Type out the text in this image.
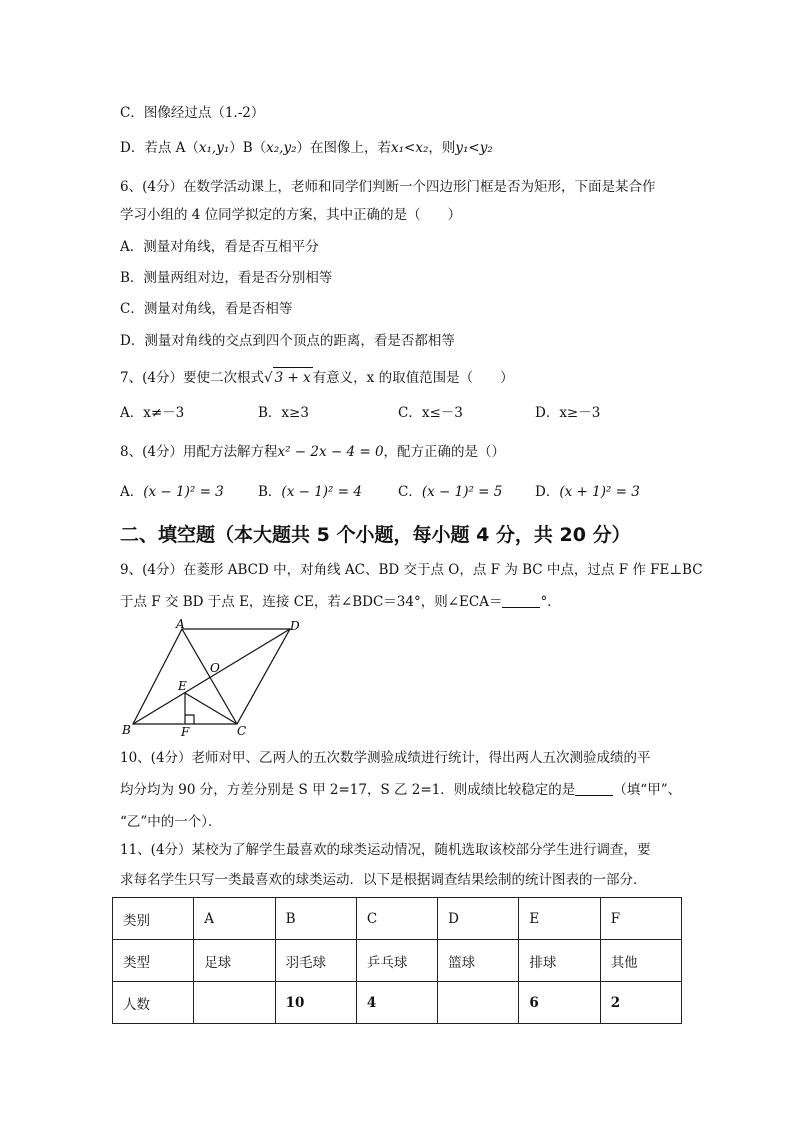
C．图像经过点（1.-2）
D．若点 A（x₁,y₁）B（x₂,y₂）在图像上，若x₁<x₂，则y₁<y₂
6、(4分）在数学活动课上，老师和同学们判断一个四边形门框是否为矩形，下面是某合作
学习小组的 4 位同学拟定的方案，其中正确的是（　　）
A．测量对角线，看是否互相平分
B．测量两组对边，看是否分别相等
C．测量对角线，看是否相等
D．测量对角线的交点到四个顶点的距离，看是否都相等
7、(4分）要使二次根式√ 3 + x 有意义，x 的取值范围是（　　）
A．x≠－3	B．x≥3	C．x≤－3	D．x≥－3
8、(4分）用配方法解方程x² − 2x − 4 = 0，配方正确的是（）
A．(x − 1)² = 3	B．(x − 1)² = 4	C．(x − 1)² = 5 D．(x + 1)² = 3
二、填空题（本大题共 5 个小题，每小题 4 分，共 20 分）
9、(4分）在菱形 ABCD 中，对角线 AC、BD 交于点 O，点 F 为 BC 中点，过点 F 作 FE⊥BC
于点 F 交 BD 于点 E，连接 CE，若∠BDC＝34°，则∠ECA＝	°．
A	D
B	C
O
E
F
10、(4分）老师对甲、乙两人的五次数学测验成绩进行统计，得出两人五次测验成绩的平
均分均为 90 分，方差分别是 S 甲 2=17，S 乙 2=1．则成绩比较稳定的是	（填“甲”、
“乙”中的一个）．
11、(4分）某校为了解学生最喜欢的球类运动情况，随机选取该校部分学生进行调查，要
求每名学生只写一类最喜欢的球类运动．以下是根据调查结果绘制的统计图表的一部分．
类别	A	B	C	D	E	F
类型	足球	羽毛球	乒乓球	篮球	排球	其他
人数		10	4		6	2
